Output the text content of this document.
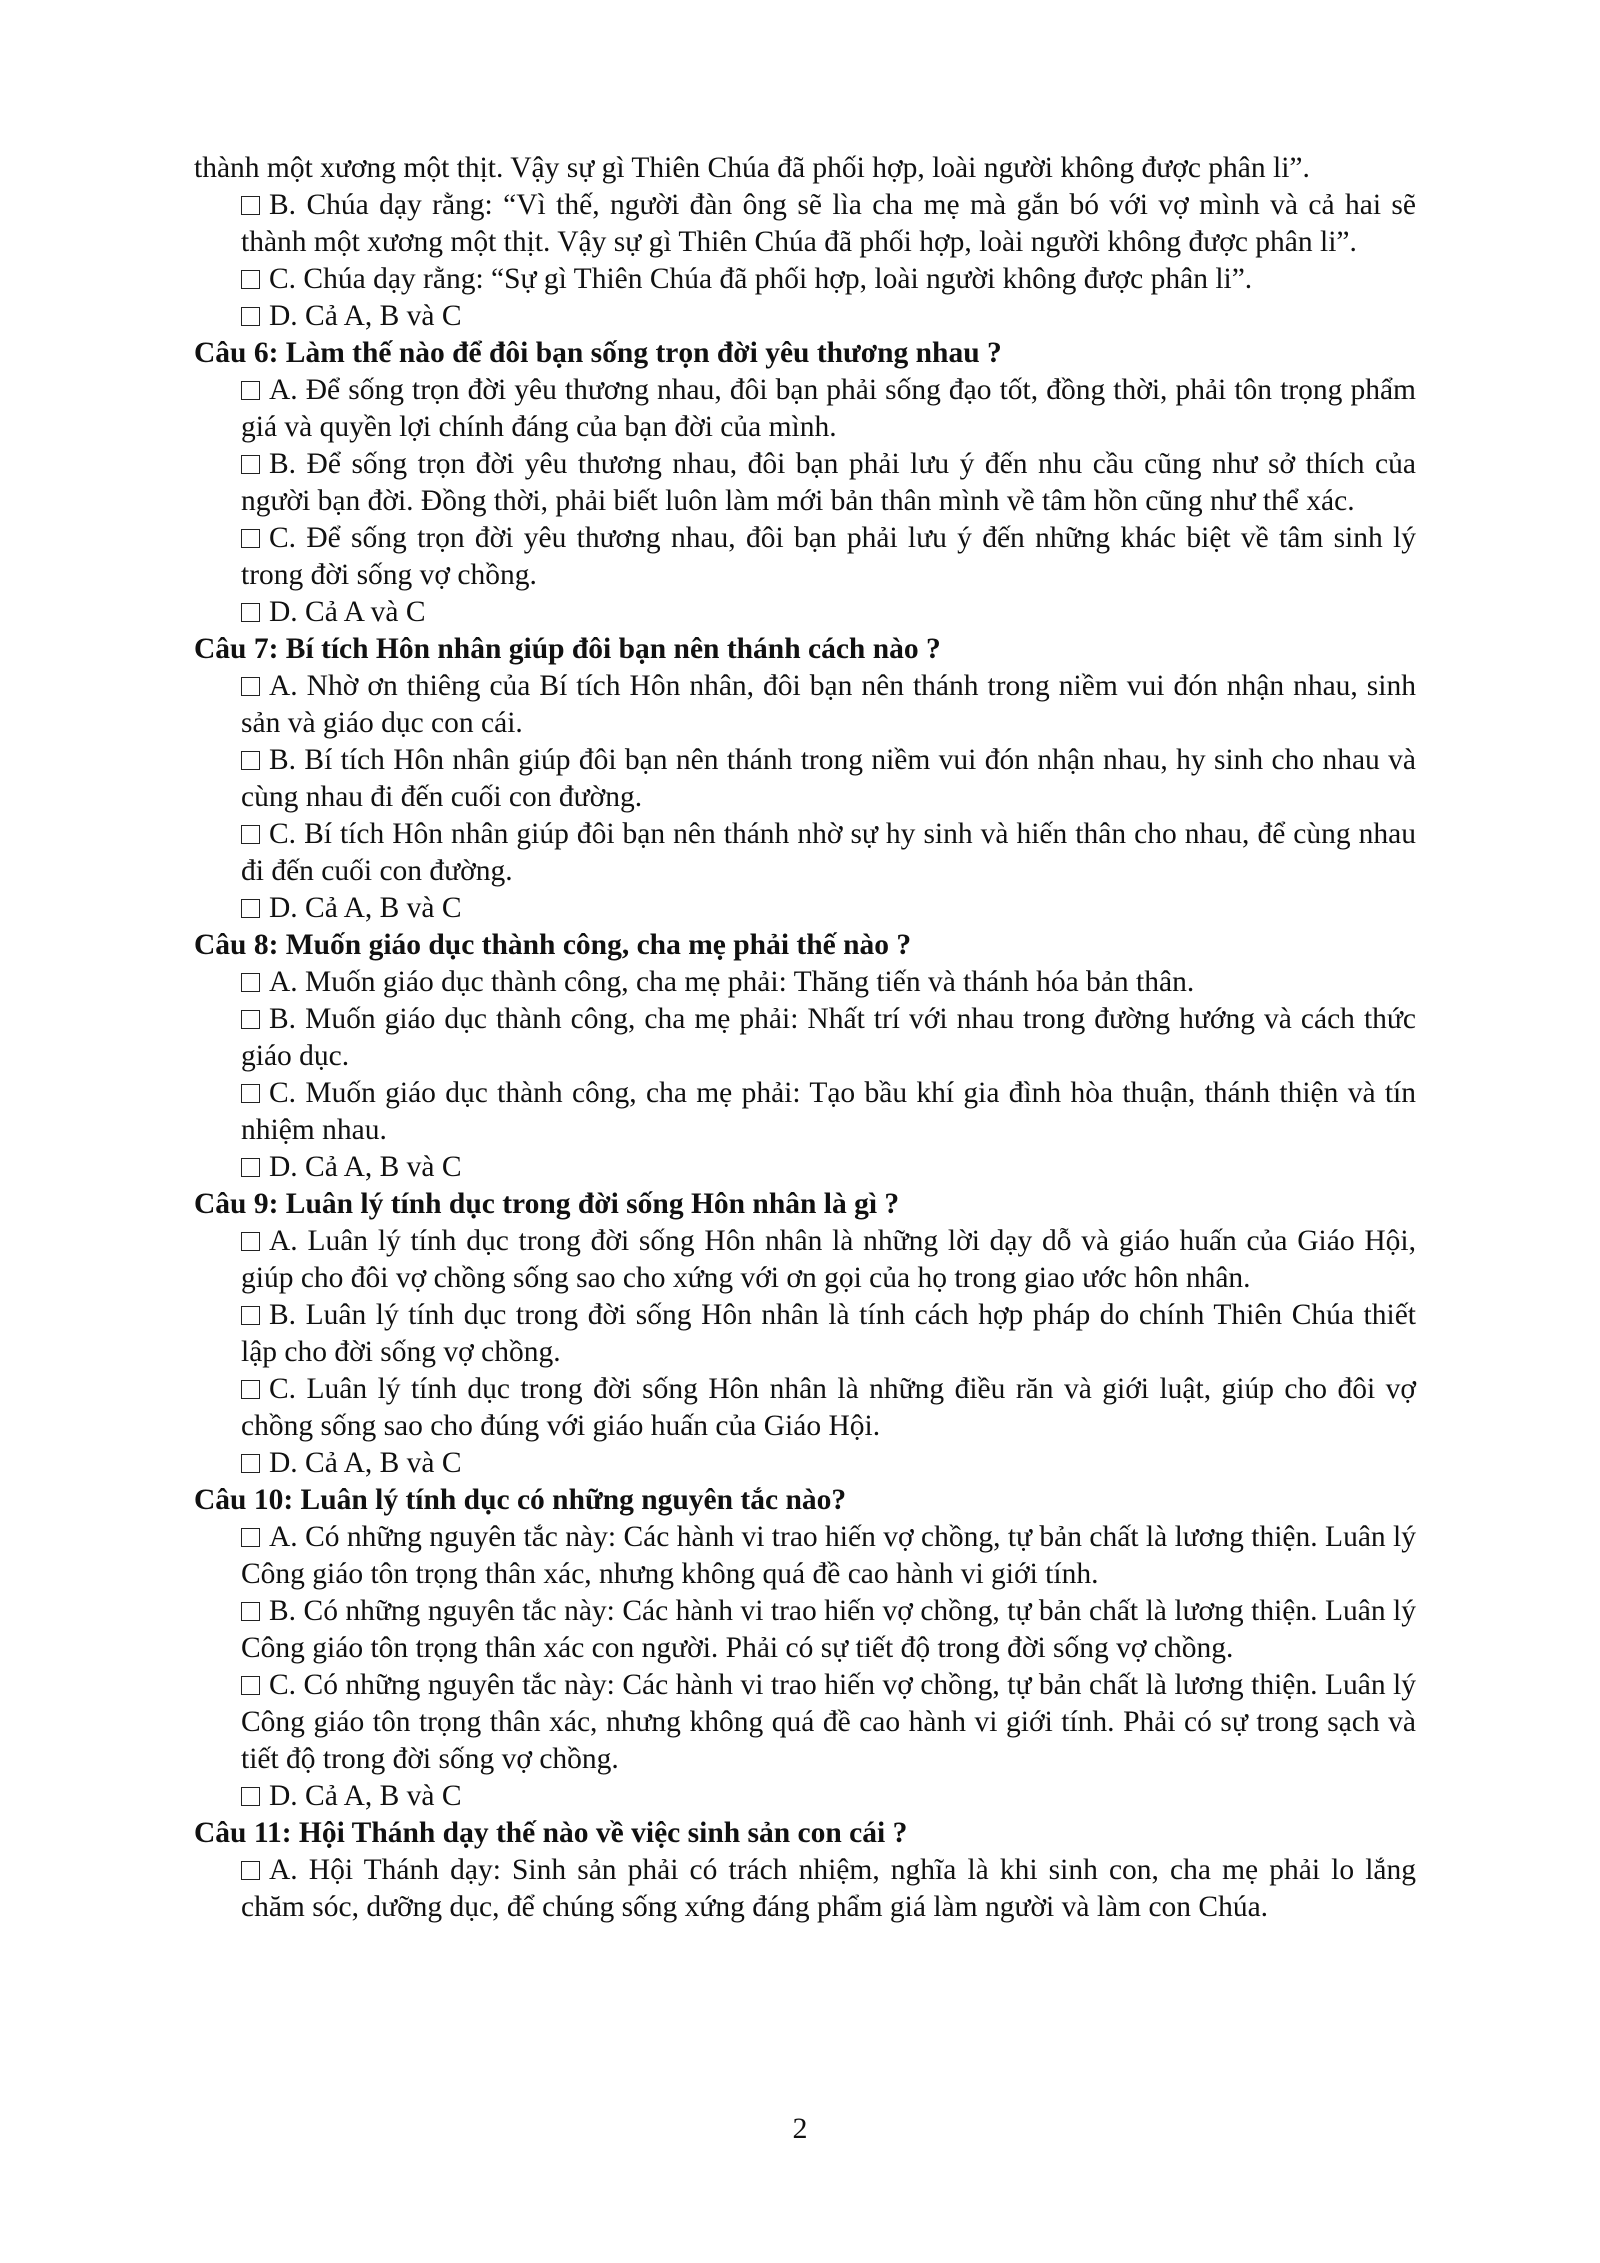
thành một xương một thịt. Vậy sự gì Thiên Chúa đã phối hợp, loài người không được phân li”.

B. Chúa dạy rằng: “Vì thế, người đàn ông sẽ lìa cha mẹ mà gắn bó với vợ mình và cả hai sẽ thành một xương một thịt. Vậy sự gì Thiên Chúa đã phối hợp, loài người không được phân li”.

C. Chúa dạy rằng: “Sự gì Thiên Chúa đã phối hợp, loài người không được phân li”.

D. Cả A, B và C

Câu 6: Làm thế nào để đôi bạn sống trọn đời yêu thương nhau ?

A. Để sống trọn đời yêu thương nhau, đôi bạn phải sống đạo tốt, đồng thời, phải tôn trọng phẩm giá và quyền lợi chính đáng của bạn đời của mình.

B. Để sống trọn đời yêu thương nhau, đôi bạn phải lưu ý đến nhu cầu cũng như sở thích của người bạn đời. Đồng thời, phải biết luôn làm mới bản thân mình về tâm hồn cũng như thể xác.

C. Để sống trọn đời yêu thương nhau, đôi bạn phải lưu ý đến những khác biệt về tâm sinh lý trong đời sống vợ chồng.

D. Cả A và C

Câu 7: Bí tích Hôn nhân giúp đôi bạn nên thánh cách nào ?

A. Nhờ ơn thiêng của Bí tích Hôn nhân, đôi bạn nên thánh trong niềm vui đón nhận nhau, sinh sản và giáo dục con cái.

B. Bí tích Hôn nhân giúp đôi bạn nên thánh trong niềm vui đón nhận nhau, hy sinh cho nhau và cùng nhau đi đến cuối con đường.

C. Bí tích Hôn nhân giúp đôi bạn nên thánh nhờ sự hy sinh và hiến thân cho nhau, để cùng nhau đi đến cuối con đường.

D. Cả A, B và C

Câu 8: Muốn giáo dục thành công, cha mẹ phải thế nào ?

A. Muốn giáo dục thành công, cha mẹ phải: Thăng tiến và thánh hóa bản thân.

B. Muốn giáo dục thành công, cha mẹ phải: Nhất trí với nhau trong đường hướng và cách thức giáo dục.

C. Muốn giáo dục thành công, cha mẹ phải: Tạo bầu khí gia đình hòa thuận, thánh thiện và tín nhiệm nhau.

D. Cả A, B và C

Câu 9: Luân lý tính dục trong đời sống Hôn nhân là gì ?

A. Luân lý tính dục trong đời sống Hôn nhân là những lời dạy dỗ và giáo huấn của Giáo Hội, giúp cho đôi vợ chồng sống sao cho xứng với ơn gọi của họ trong giao ước hôn nhân.

B. Luân lý tính dục trong đời sống Hôn nhân là tính cách hợp pháp do chính Thiên Chúa thiết lập cho đời sống vợ chồng.

C. Luân lý tính dục trong đời sống Hôn nhân là những điều răn và giới luật, giúp cho đôi vợ chồng sống sao cho đúng với giáo huấn của Giáo Hội.

D. Cả A, B và C

Câu 10: Luân lý tính dục có những nguyên tắc nào?

A. Có những nguyên tắc này: Các hành vi trao hiến vợ chồng, tự bản chất là lương thiện. Luân lý Công giáo tôn trọng thân xác, nhưng không quá đề cao hành vi giới tính.

B. Có những nguyên tắc này: Các hành vi trao hiến vợ chồng, tự bản chất là lương thiện. Luân lý Công giáo tôn trọng thân xác con người. Phải có sự tiết độ trong đời sống vợ chồng.

C. Có những nguyên tắc này: Các hành vi trao hiến vợ chồng, tự bản chất là lương thiện. Luân lý Công giáo tôn trọng thân xác, nhưng không quá đề cao hành vi giới tính. Phải có sự trong sạch và tiết độ trong đời sống vợ chồng.

D. Cả A, B và C

Câu 11: Hội Thánh dạy thế nào về việc sinh sản con cái ?

A. Hội Thánh dạy: Sinh sản phải có trách nhiệm, nghĩa là khi sinh con, cha mẹ phải lo lắng chăm sóc, dưỡng dục, để chúng sống xứng đáng phẩm giá làm người và làm con Chúa.

2
